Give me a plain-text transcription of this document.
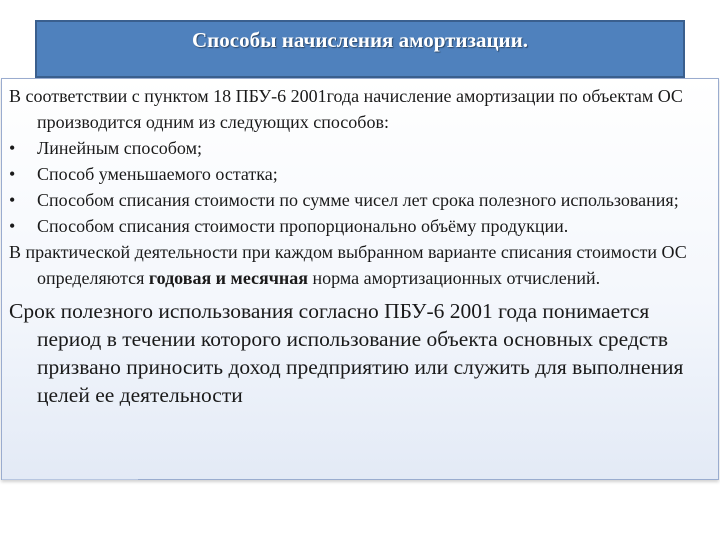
Способы начисления амортизации.

В соответствии с пунктом 18 ПБУ-6 2001года начисление амортизации по объектам ОС производится одним из следующих способов:

•	Линейным способом;
•	Способ уменьшаемого остатка;
•	Способом списания стоимости по сумме чисел лет срока полезного использования;
•	Способом списания стоимости пропорционально объёму продукции.

В практической деятельности при каждом выбранном варианте списания стоимости ОС определяются годовая и месячная норма амортизационных отчислений.

Срок полезного использования согласно ПБУ-6 2001 года понимается период в течении которого использование объекта основных средств призвано приносить доход предприятию или служить для выполнения целей ее деятельности
